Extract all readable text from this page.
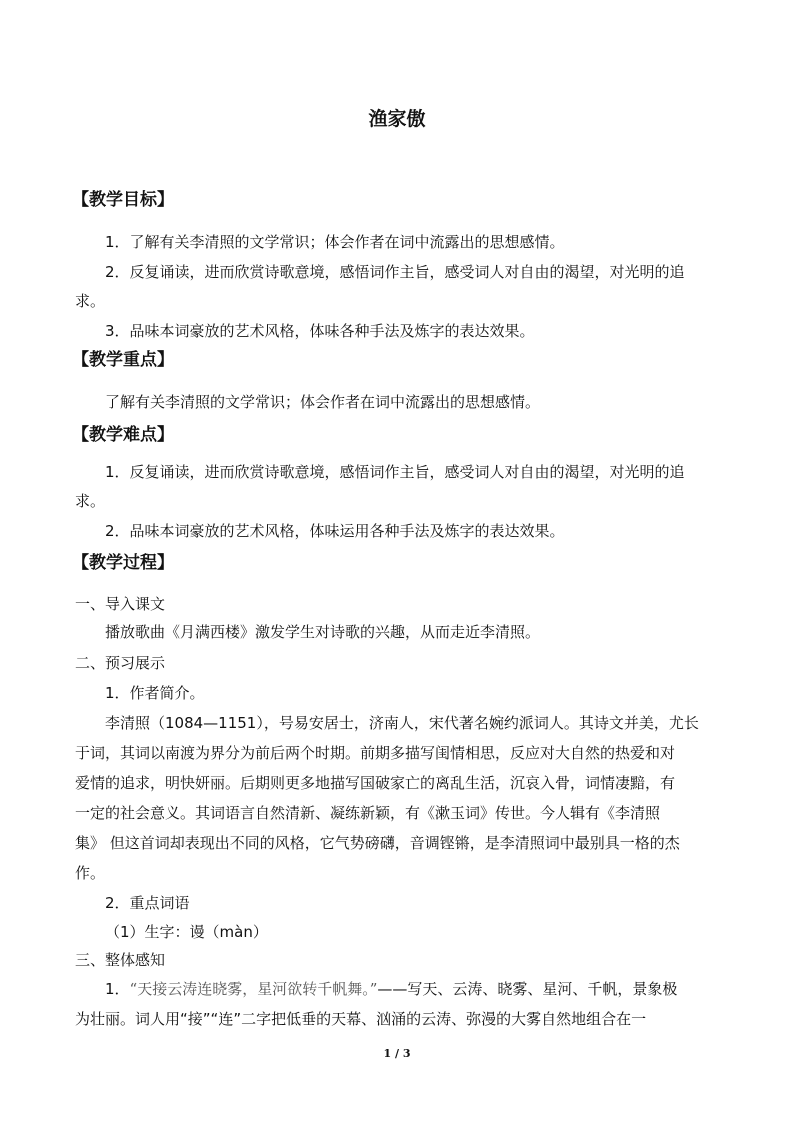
渔家傲
【教学目标】
1．了解有关李清照的文学常识；体会作者在词中流露出的思想感情。
2．反复诵读，进而欣赏诗歌意境，感悟词作主旨，感受词人对自由的渴望，对光明的追
求。
3．品味本词豪放的艺术风格，体味各种手法及炼字的表达效果。
【教学重点】
了解有关李清照的文学常识；体会作者在词中流露出的思想感情。
【教学难点】
1．反复诵读，进而欣赏诗歌意境，感悟词作主旨，感受词人对自由的渴望，对光明的追
求。
2．品味本词豪放的艺术风格，体味运用各种手法及炼字的表达效果。
【教学过程】
一、导入课文
播放歌曲《月满西楼》激发学生对诗歌的兴趣，从而走近李清照。
二、预习展示
1．作者简介。
李清照（1084—1151），号易安居士，济南人，宋代著名婉约派词人。其诗文并美，尤长
于词，其词以南渡为界分为前后两个时期。前期多描写闺情相思，反应对大自然的热爱和对
爱情的追求，明快妍丽。后期则更多地描写国破家亡的离乱生活，沉哀入骨，词情凄黯，有
一定的社会意义。其词语言自然清新、凝练新颖，有《漱玉词》传世。今人辑有《李清照
集》 但这首词却表现出不同的风格，它气势磅礴，音调铿锵，是李清照词中最别具一格的杰
作。
2．重点词语
（1）生字：谩（màn）
三、整体感知
1．“天接云涛连晓雾，星河欲转千帆舞。”——写天、云涛、晓雾、星河、千帆，景象极
为壮丽。词人用“接”“连”二字把低垂的天幕、汹涌的云涛、弥漫的大雾自然地组合在一
1 / 3
